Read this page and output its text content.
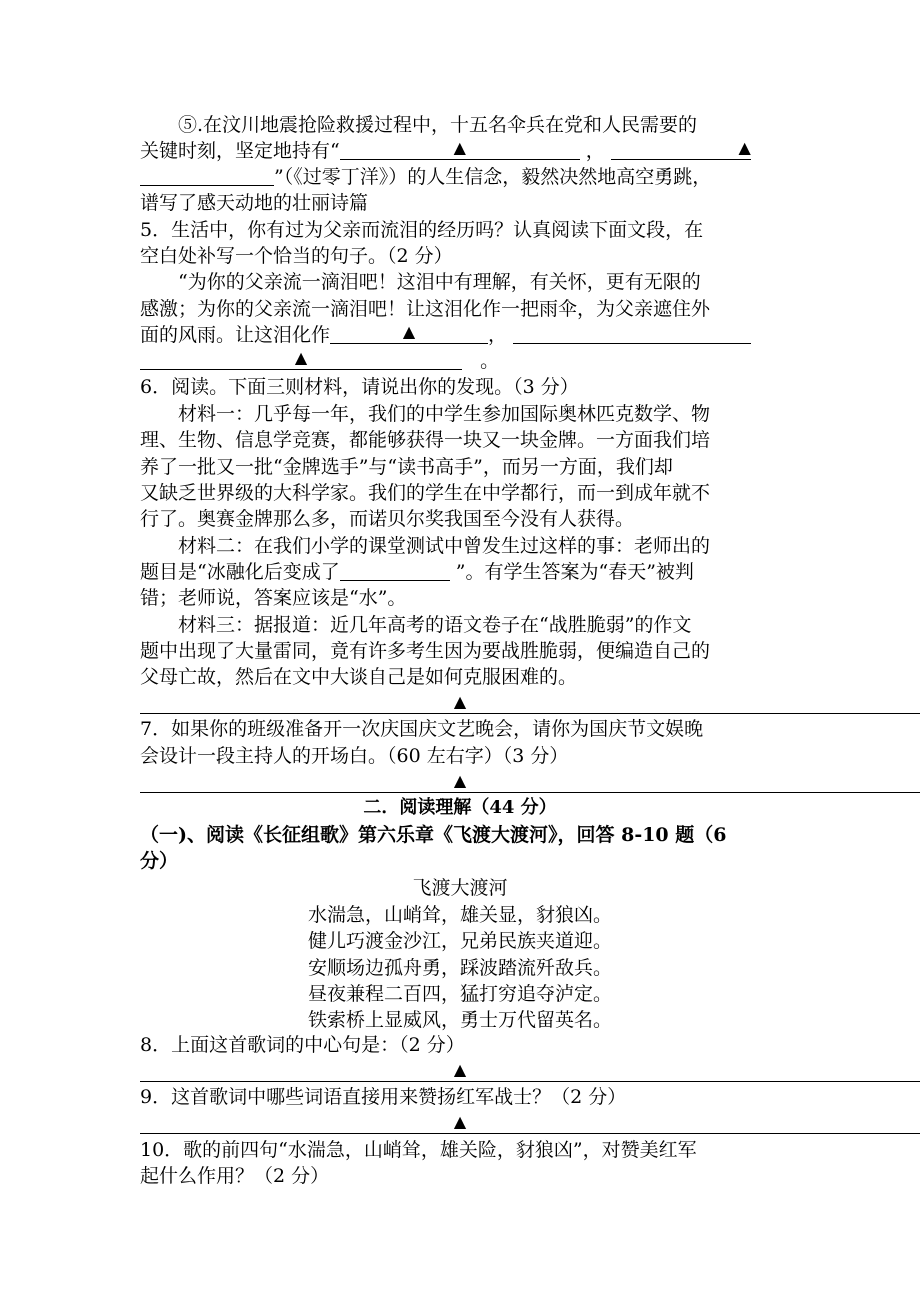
⑤.在汶川地震抢险救援过程中，十五名伞兵在党和人民需要的
关键时刻，坚定地持有“	▲	，	▲
”（《过零丁洋》）的人生信念，毅然决然地高空勇跳，
谱写了感天动地的壮丽诗篇
5．生活中，你有过为父亲而流泪的经历吗？认真阅读下面文段，在
空白处补写一个恰当的句子。（2 分）
“为你的父亲流一滴泪吧！这泪中有理解，有关怀，更有无限的
感激；为你的父亲流一滴泪吧！让这泪化作一把雨伞，为父亲遮住外
面的风雨。让这泪化作	▲	，
▲	。
6．阅读。下面三则材料，请说出你的发现。（3 分）
材料一：几乎每一年，我们的中学生参加国际奥林匹克数学、物
理、生物、信息学竞赛，都能够获得一块又一块金牌。一方面我们培
养了一批又一批“金牌选手”与“读书高手”，而另一方面，我们却
又缺乏世界级的大科学家。我们的学生在中学都行，而一到成年就不
行了。奥赛金牌那么多，而诺贝尔奖我国至今没有人获得。
材料二：在我们小学的课堂测试中曾发生过这样的事：老师出的
题目是“冰融化后变成了	”。有学生答案为“春天”被判
错；老师说，答案应该是“水”。
材料三：据报道：近几年高考的语文卷子在“战胜脆弱”的作文
题中出现了大量雷同，竟有许多考生因为要战胜脆弱，便编造自己的
父母亡故，然后在文中大谈自己是如何克服困难的。
▲
7．如果你的班级准备开一次庆国庆文艺晚会，请你为国庆节文娱晚
会设计一段主持人的开场白。（60 左右字）（3 分）
▲
二．阅读理解（44 分）
（一)、阅读《长征组歌》第六乐章《飞渡大渡河》，回答 8-10 题（6
分）
飞渡大渡河
水湍急，山峭耸，雄关显，豺狼凶。
健儿巧渡金沙江，兄弟民族夹道迎。
安顺场边孤舟勇，踩波踏流歼敌兵。
昼夜兼程二百四，猛打穷追夺泸定。
铁索桥上显威风，勇士万代留英名。
8．上面这首歌词的中心句是：（2 分）
▲
9．这首歌词中哪些词语直接用来赞扬红军战士？（2 分）
▲
10．歌的前四句“水湍急，山峭耸，雄关险，豺狼凶”，对赞美红军
起什么作用？（2 分）
